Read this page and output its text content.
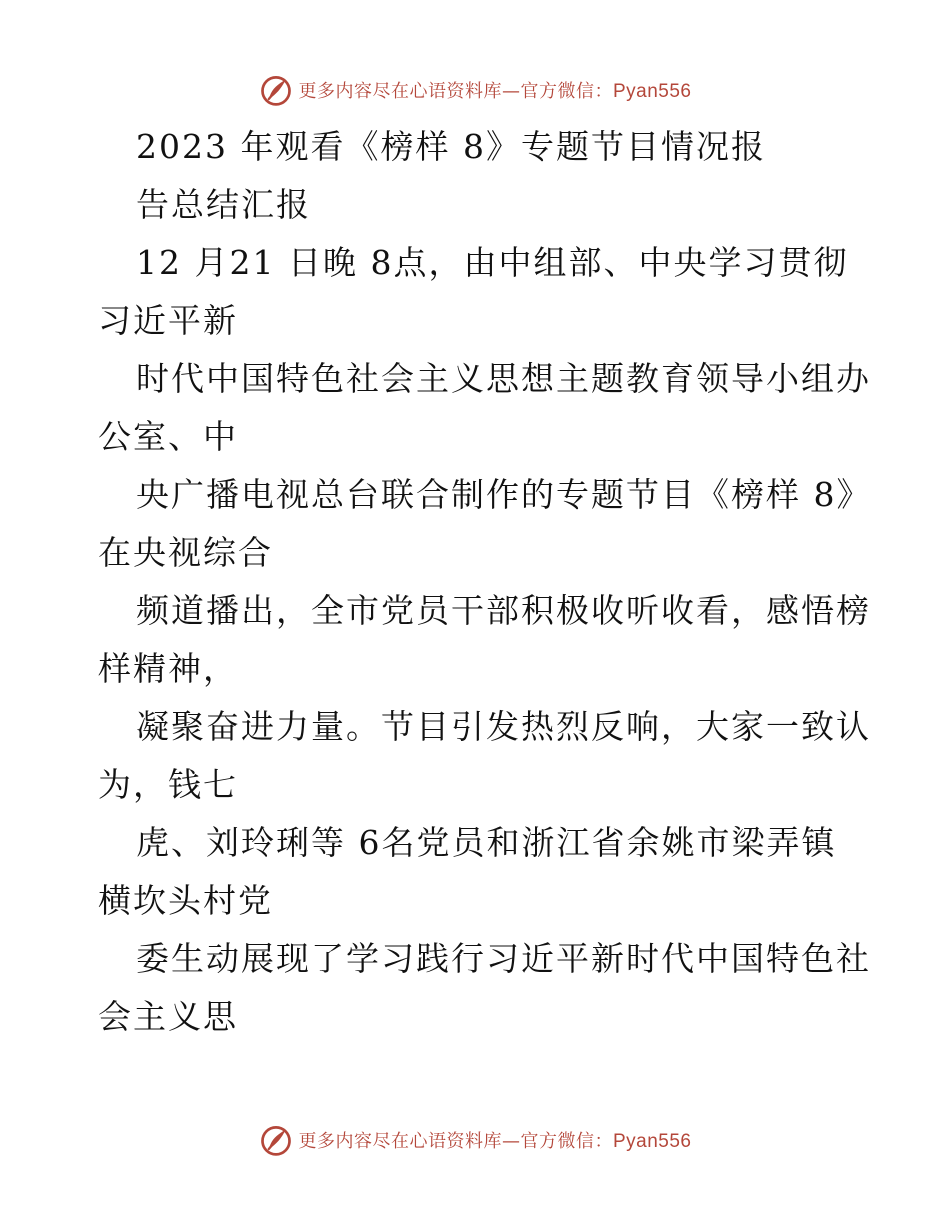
更多内容尽在心语资料库—官方微信：Pyan556
2023 年观看《榜样 8》专题节目情况报
告总结汇报
12 月21 日晚 8点，由中组部、中央学习贯彻
习近平新
时代中国特色社会主义思想主题教育领导小组办
公室、中
央广播电视总台联合制作的专题节目《榜样 8》
在央视综合
频道播出，全市党员干部积极收听收看，感悟榜
样精神，
凝聚奋进力量。节目引发热烈反响，大家一致认
为，钱七
虎、刘玲琍等 6名党员和浙江省余姚市梁弄镇
横坎头村党
委生动展现了学习践行习近平新时代中国特色社
会主义思
更多内容尽在心语资料库—官方微信：Pyan556
